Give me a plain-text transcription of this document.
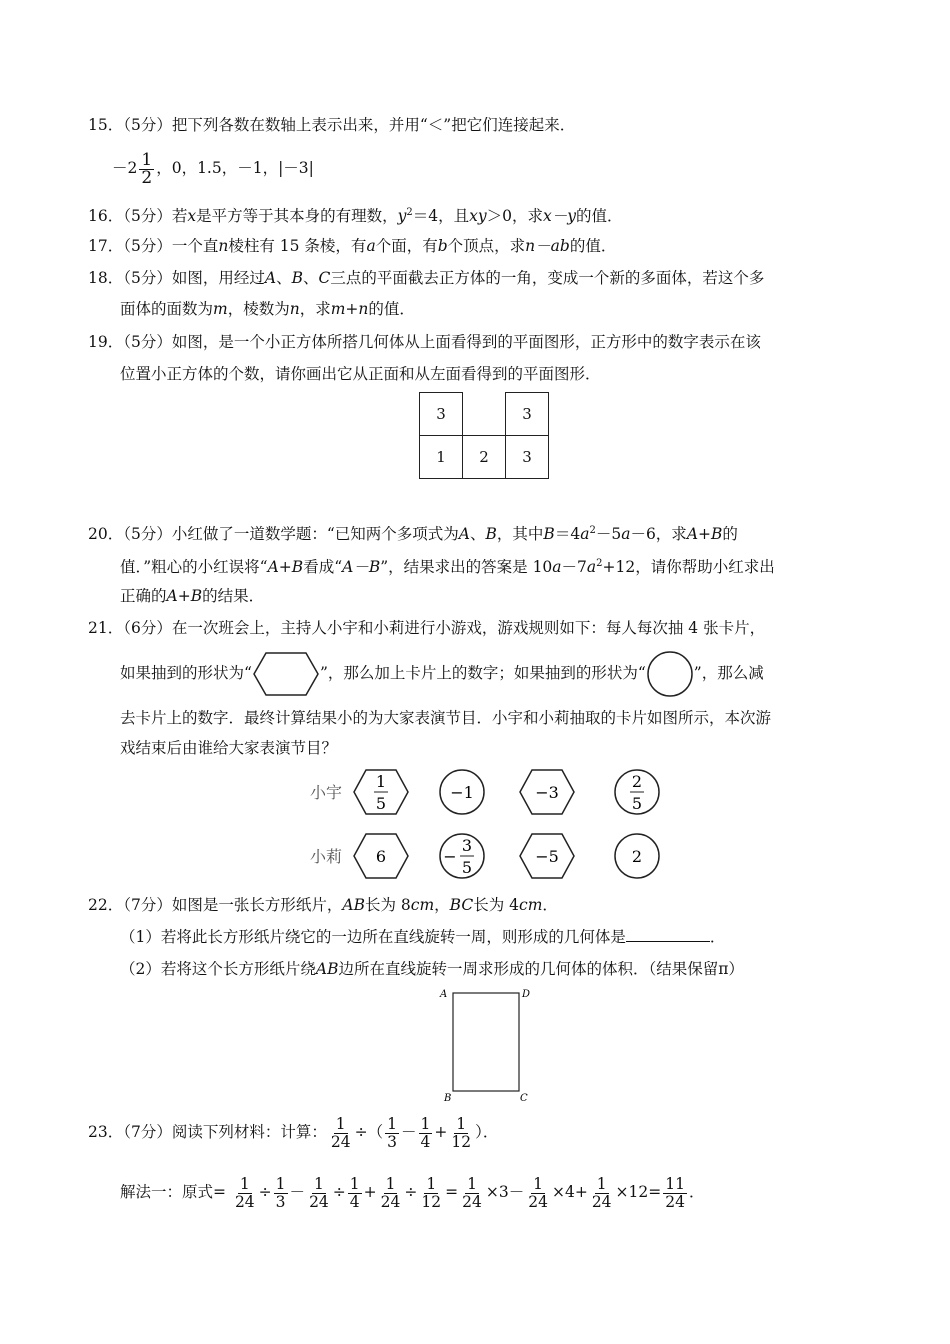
15．（5分）把下列各数在数轴上表示出来，并用“＜”把它们连接起来．
$-2 \frac{1}{2}$ ，0，1.5，－1，|－3|
16．（5分）若x是平方等于其本身的有理数，$y^2=4$，且xy＞0，求x－y的值．
17．（5分）一个直n棱柱有 15 条棱，有a个面，有b个顶点，求n－ab的值．
18．（5分）如图，用经过A、B、C三点的平面截去正方体的一角，变成一个新的多面体，若这个多
面体的面数为m，棱数为n，求m+n的值．
19．（5分）如图，是一个小正方体所搭几何体从上面看得到的平面图形，正方形中的数字表示在该
位置小正方体的个数，请你画出它从正面和从左面看得到的平面图形．
3		3
1	2	3
20．（5分）小红做了一道数学题：“已知两个多项式为A、B，其中$B=4a^2-5a-6$，求A+B的
值．”粗心的小红误将“A+B看成“A－B”，结果求出的答案是 $10a-7a^2+12$，请你帮助小红求出
正确的A+B的结果．
21．（6分）在一次班会上，主持人小宇和小莉进行小游戏，游戏规则如下：每人每次抽 4 张卡片，
如果抽到的形状为“	”，那么加上卡片上的数字；如果抽到的形状为“	”，那么减
去卡片上的数字．最终计算结果小的为大家表演节目．小宇和小莉抽取的卡片如图所示，本次游
戏结束后由谁给大家表演节目？
小宇
1
5
−1	−3
2
5
小莉 6	−
3
5
−5	2
22．（7分）如图是一张长方形纸片，AB长为 8cm，BC长为 4cm．
（1）若将此长方形纸片绕它的一边所在直线旋转一周，则形成的几何体是	．
（2）若将这个长方形纸片绕AB边所在直线旋转一周求形成的几何体的体积．（结果保留π）
A	D
B	C
23．（7分）阅读下列材料：计算： $\frac{1}{24}$ ÷（ $\frac{1}{3} - \frac{1}{4} + \frac{1}{12}$ ）．
解法一：原式= $\frac{1}{24} \div \frac{1}{3} - \frac{1}{24} \div \frac{1}{4} + \frac{1}{24} \div \frac{1}{12} = \frac{1}{24} \times 3- \frac{1}{24} \times 4+ \frac{1}{24} \times 12= \frac{11}{24}$ ．
